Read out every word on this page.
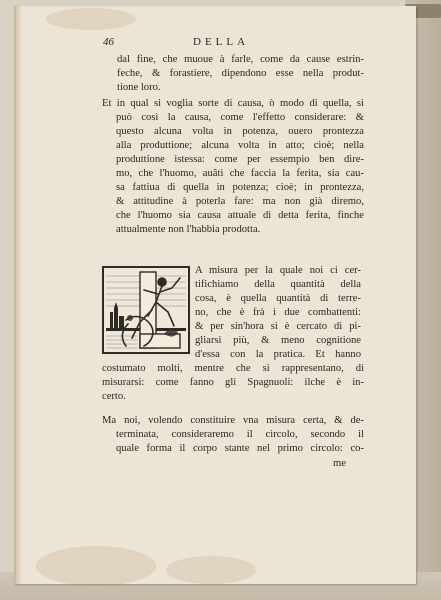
46	DELLA
dal fine, che muoue à farle, come da cause estrin-
feche, & forastiere, dipendono esse nella produt-
tione loro.
Et in qual si voglia sorte di causa, ò modo di quella, si
può così la causa, come l'effetto considerare: &
questo alcuna volta in potenza, ouero prontezza
alla produttione; alcuna volta in atto; cioè; nella
produttione istessa: come per essempio ben dire-
mo, che l'huomo, auâti che faccia la ferita, sia cau-
sa fattiua di quella in potenza; cioè; in prontezza,
& attitudine à poterla fare: ma non già diremo,
che l'huomo sia causa attuale di detta ferita, finche
attualmente non l'habbia prodotta.
A misura per la quale noi ci cer-
tifichiamo della quantità della
cosa, è quella quantità di terre-
no, che è frà i due combattenti:
& per sin'hora si è cercato di pi-
gliarsi più, & meno cognitione
d'essa con la pratica. Et hanno
costumato molti, mentre che si rappresentano, di
misurarsi: come fanno gli Spagnuoli: ilche è in-
certo.
Ma noi, volendo constituire vna misura certa, & de-
terminata, consideraremo il circolo, secondo il
quale forma il corpo stante nel primo circolo: co-
me
